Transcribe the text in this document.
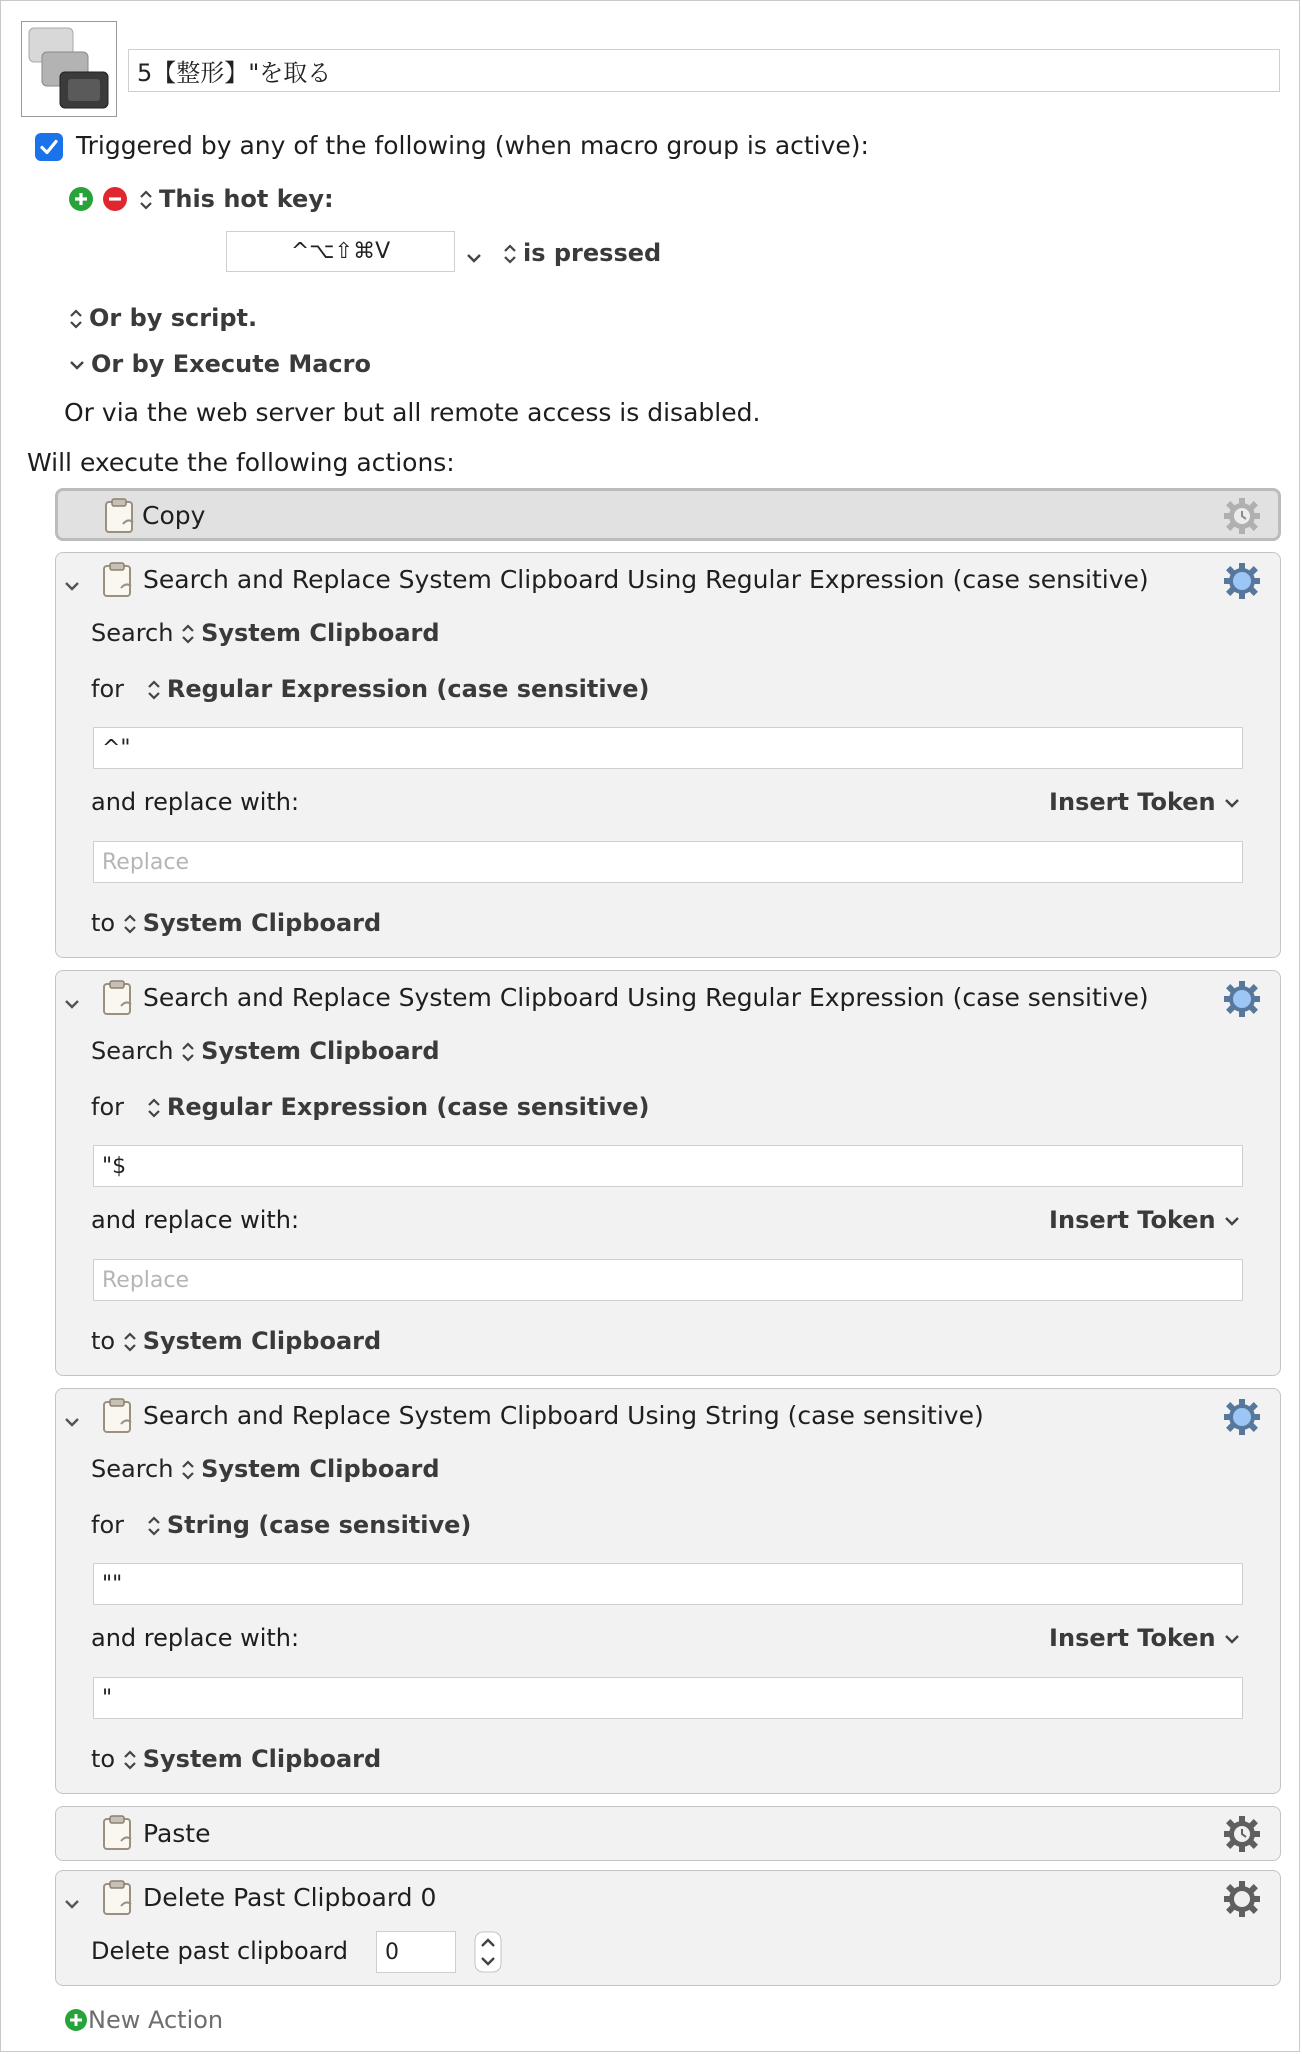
5【整形】"を取る
Triggered by any of the following (when macro group is active):
This hot key:
^⌥⇧⌘V	is pressed
Or by script.
Or by Execute Macro
Or via the web server but all remote access is disabled.
Will execute the following actions:
Copy
Search and Replace System Clipboard Using Regular Expression (case sensitive)
Search System Clipboard
for Regular Expression (case sensitive)
^"
and replace with:	Insert Token
Replace
to System Clipboard
Search and Replace System Clipboard Using Regular Expression (case sensitive)
Search System Clipboard
for Regular Expression (case sensitive)
"$
and replace with:	Insert Token
Replace
to System Clipboard
Search and Replace System Clipboard Using String (case sensitive)
Search System Clipboard
for String (case sensitive)
""
and replace with:	Insert Token
"
to System Clipboard
Paste
Delete Past Clipboard 0
Delete past clipboard	0
New Action
